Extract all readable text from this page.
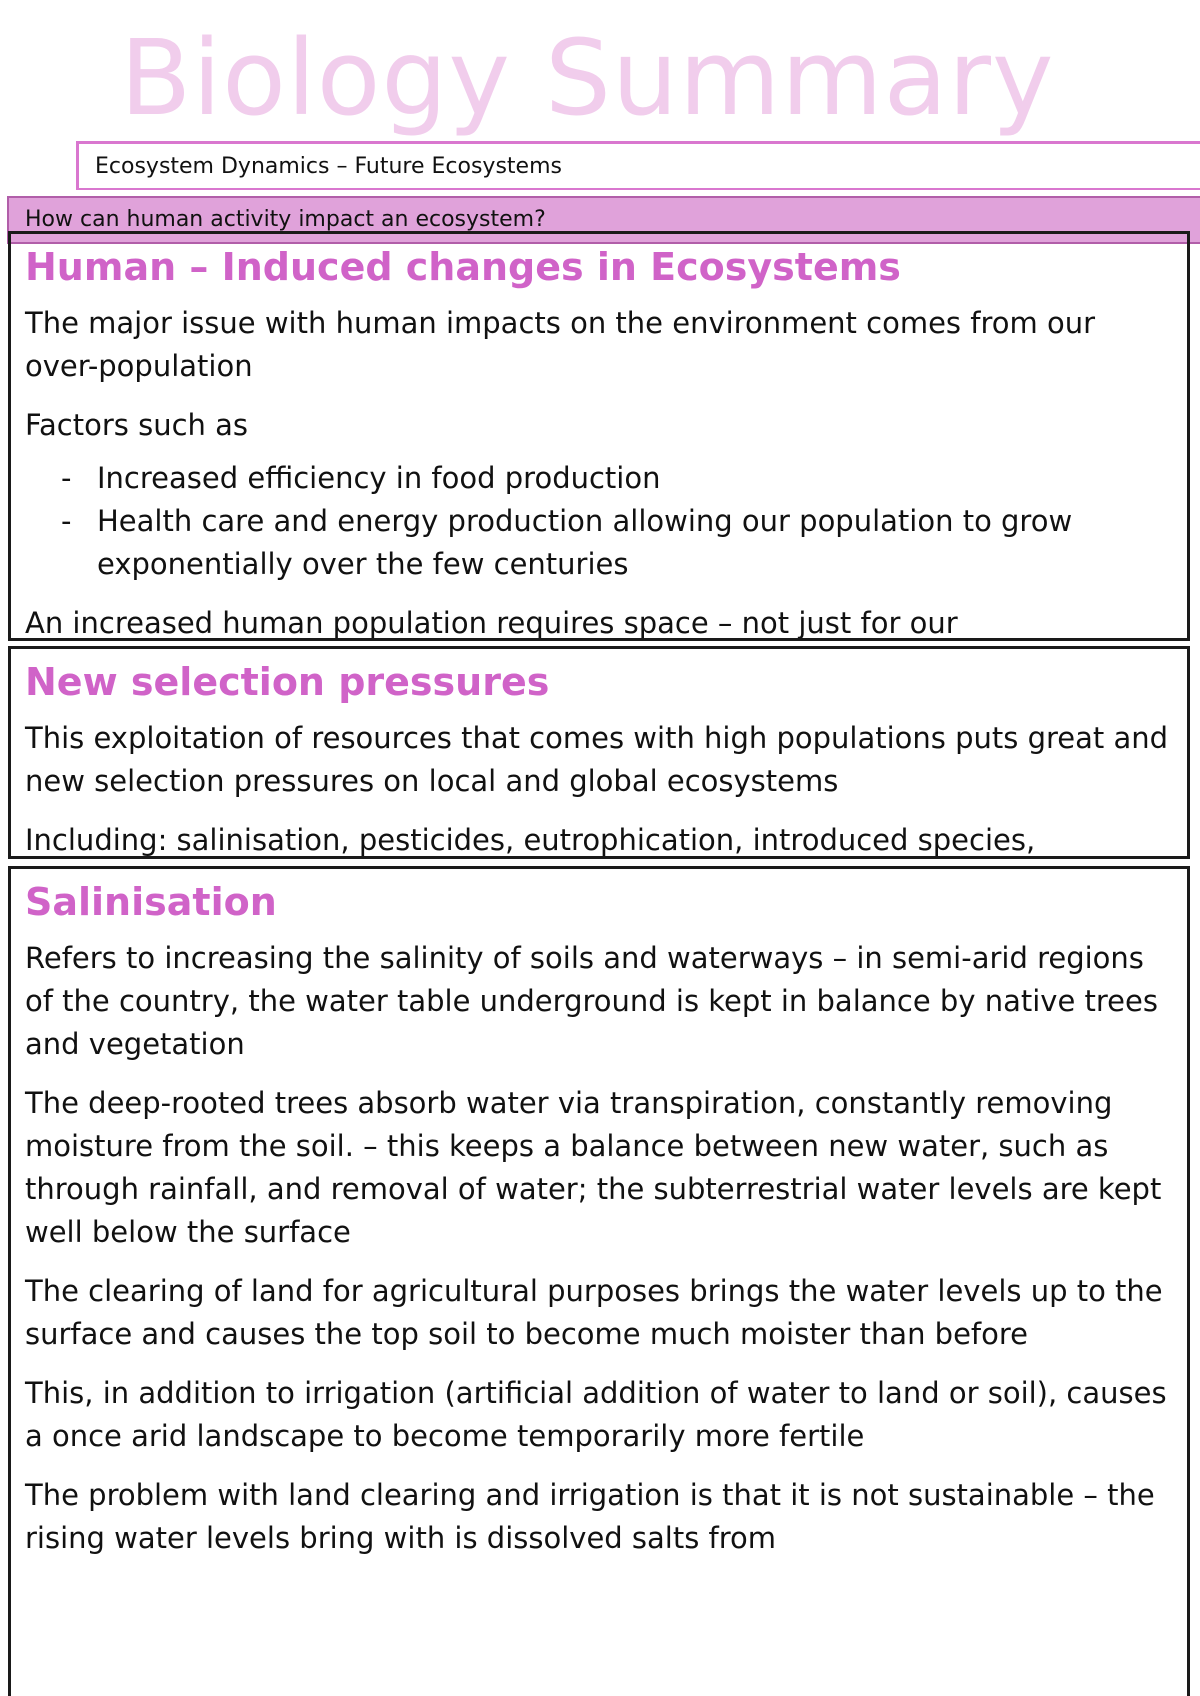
Biology Summary
Ecosystem Dynamics – Future Ecosystems
How can human activity impact an ecosystem?
Human – Induced changes in Ecosystems

The major issue with human impacts on the environment comes from our over-population

Factors such as

- Increased efficiency in food production
- Health care and energy production allowing our population to grow exponentially over the few centuries

An increased human population requires space – not just for our

New selection pressures

This exploitation of resources that comes with high populations puts great and new selection pressures on local and global ecosystems

Including: salinisation, pesticides, eutrophication, introduced species,

Salinisation

Refers to increasing the salinity of soils and waterways – in semi-arid regions of the country, the water table underground is kept in balance by native trees and vegetation

The deep-rooted trees absorb water via transpiration, constantly removing moisture from the soil. – this keeps a balance between new water, such as through rainfall, and removal of water; the subterrestrial water levels are kept well below the surface

The clearing of land for agricultural purposes brings the water levels up to the surface and causes the top soil to become much moister than before

This, in addition to irrigation (artificial addition of water to land or soil), causes a once arid landscape to become temporarily more fertile

The problem with land clearing and irrigation is that it is not sustainable – the rising water levels bring with is dissolved salts from
